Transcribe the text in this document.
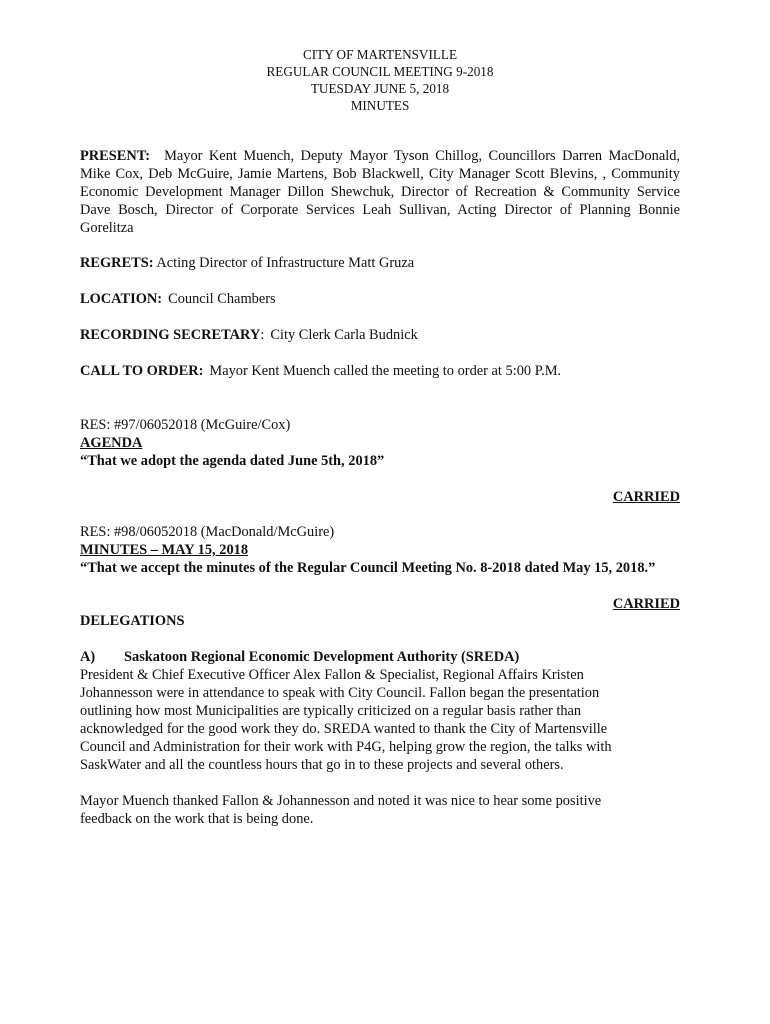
CITY OF MARTENSVILLE
REGULAR COUNCIL MEETING 9-2018
TUESDAY JUNE 5, 2018
MINUTES
PRESENT: Mayor Kent Muench, Deputy Mayor Tyson Chillog, Councillors Darren MacDonald, Mike Cox, Deb McGuire, Jamie Martens, Bob Blackwell, City Manager Scott Blevins, , Community Economic Development Manager Dillon Shewchuk, Director of Recreation & Community Service Dave Bosch, Director of Corporate Services Leah Sullivan, Acting Director of Planning Bonnie Gorelitza
REGRETS: Acting Director of Infrastructure Matt Gruza
LOCATION: Council Chambers
RECORDING SECRETARY: City Clerk Carla Budnick
CALL TO ORDER: Mayor Kent Muench called the meeting to order at 5:00 P.M.
RES: #97/06052018 (McGuire/Cox)
AGENDA
“That we adopt the agenda dated June 5th, 2018”
CARRIED
RES: #98/06052018 (MacDonald/McGuire)
MINUTES – MAY 15, 2018
“That we accept the minutes of the Regular Council Meeting No. 8-2018 dated May 15, 2018.”
CARRIED
DELEGATIONS
A) Saskatoon Regional Economic Development Authority (SREDA)
President & Chief Executive Officer Alex Fallon & Specialist, Regional Affairs Kristen
Johannesson were in attendance to speak with City Council. Fallon began the presentation
outlining how most Municipalities are typically criticized on a regular basis rather than
acknowledged for the good work they do. SREDA wanted to thank the City of Martensville
Council and Administration for their work with P4G, helping grow the region, the talks with
SaskWater and all the countless hours that go in to these projects and several others.
Mayor Muench thanked Fallon & Johannesson and noted it was nice to hear some positive
feedback on the work that is being done.
